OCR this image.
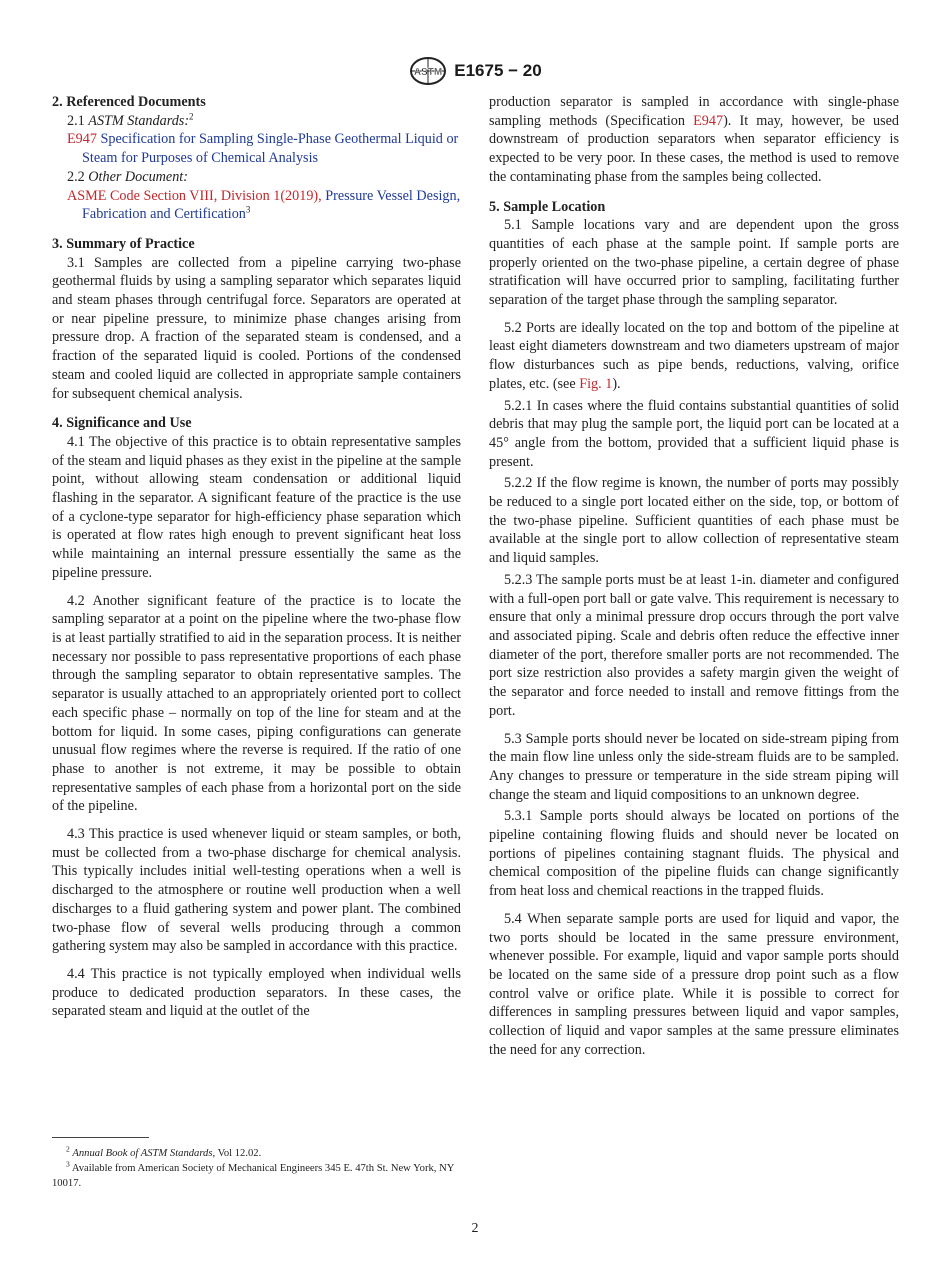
ASTM E1675 − 20

2. Referenced Documents

2.1 ASTM Standards:$^2$

E947 Specification for Sampling Single-Phase Geothermal Liquid or Steam for Purposes of Chemical Analysis

2.2 Other Document:

ASME Code Section VIII, Division 1(2019), Pressure Vessel Design, Fabrication and Certification$^3$

3. Summary of Practice

3.1 Samples are collected from a pipeline carrying two-phase geothermal fluids by using a sampling separator which separates liquid and steam phases through centrifugal force. Separators are operated at or near pipeline pressure, to minimize phase changes arising from pressure drop. A fraction of the separated steam is condensed, and a fraction of the separated liquid is cooled. Portions of the condensed steam and cooled liquid are collected in appropriate sample containers for subsequent chemical analysis.

4. Significance and Use

4.1 The objective of this practice is to obtain representative samples of the steam and liquid phases as they exist in the pipeline at the sample point, without allowing steam condensation or additional liquid flashing in the separator. A significant feature of the practice is the use of a cyclone-type separator for high-efficiency phase separation which is operated at flow rates high enough to prevent significant heat loss while maintaining an internal pressure essentially the same as the pipeline pressure.

4.2 Another significant feature of the practice is to locate the sampling separator at a point on the pipeline where the two-phase flow is at least partially stratified to aid in the separation process. It is neither necessary nor possible to pass representative proportions of each phase through the sampling separator to obtain representative samples. The separator is usually attached to an appropriately oriented port to collect each specific phase – normally on top of the line for steam and at the bottom for liquid. In some cases, piping configurations can generate unusual flow regimes where the reverse is required. If the ratio of one phase to another is not extreme, it may be possible to obtain representative samples of each phase from a horizontal port on the side of the pipeline.

4.3 This practice is used whenever liquid or steam samples, or both, must be collected from a two-phase discharge for chemical analysis. This typically includes initial well-testing operations when a well is discharged to the atmosphere or routine well production when a well discharges to a fluid gathering system and power plant. The combined two-phase flow of several wells producing through a common gathering system may also be sampled in accordance with this practice.

4.4 This practice is not typically employed when individual wells produce to dedicated production separators. In these cases, the separated steam and liquid at the outlet of the

production separator is sampled in accordance with single-phase sampling methods (Specification E947). It may, however, be used downstream of production separators when separator efficiency is expected to be very poor. In these cases, the method is used to remove the contaminating phase from the samples being collected.

5. Sample Location

5.1 Sample locations vary and are dependent upon the gross quantities of each phase at the sample point. If sample ports are properly oriented on the two-phase pipeline, a certain degree of phase stratification will have occurred prior to sampling, facilitating further separation of the target phase through the sampling separator.

5.2 Ports are ideally located on the top and bottom of the pipeline at least eight diameters downstream and two diameters upstream of major flow disturbances such as pipe bends, reductions, valving, orifice plates, etc. (see Fig. 1).

5.2.1 In cases where the fluid contains substantial quantities of solid debris that may plug the sample port, the liquid port can be located at a 45° angle from the bottom, provided that a sufficient liquid phase is present.

5.2.2 If the flow regime is known, the number of ports may possibly be reduced to a single port located either on the side, top, or bottom of the two-phase pipeline. Sufficient quantities of each phase must be available at the single port to allow collection of representative steam and liquid samples.

5.2.3 The sample ports must be at least 1-in. diameter and configured with a full-open port ball or gate valve. This requirement is necessary to ensure that only a minimal pressure drop occurs through the port valve and associated piping. Scale and debris often reduce the effective inner diameter of the port, therefore smaller ports are not recommended. The port size restriction also provides a safety margin given the weight of the separator and force needed to install and remove fittings from the port.

5.3 Sample ports should never be located on side-stream piping from the main flow line unless only the side-stream fluids are to be sampled. Any changes to pressure or temperature in the side stream piping will change the steam and liquid compositions to an unknown degree.

5.3.1 Sample ports should always be located on portions of the pipeline containing flowing fluids and should never be located on portions of pipelines containing stagnant fluids. The physical and chemical composition of the pipeline fluids can change significantly from heat loss and chemical reactions in the trapped fluids.

5.4 When separate sample ports are used for liquid and vapor, the two ports should be located in the same pressure environment, whenever possible. For example, liquid and vapor sample ports should be located on the same side of a pressure drop point such as a flow control valve or orifice plate. While it is possible to correct for differences in sampling pressures between liquid and vapor samples, collection of liquid and vapor samples at the same pressure eliminates the need for any correction.

$^2$ Annual Book of ASTM Standards, Vol 12.02.

$^3$ Available from American Society of Mechanical Engineers 345 E. 47th St. New York, NY 10017.

2
